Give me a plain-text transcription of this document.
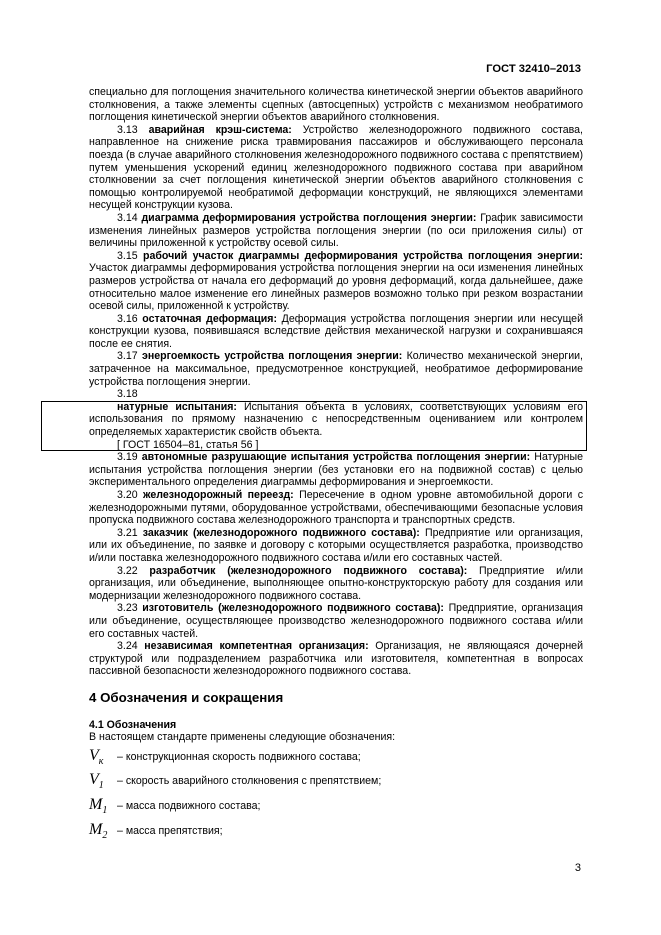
ГОСТ 32410–2013

специально для поглощения значительного количества кинетической энергии объектов аварийного столкновения, а также элементы сцепных (автосцепных) устройств с механизмом необратимого поглощения кинетической энергии объектов аварийного столкновения.

3.13 аварийная крэш-система: Устройство железнодорожного подвижного состава, направленное на снижение риска травмирования пассажиров и обслуживающего персонала поезда (в случае аварийного столкновения железнодорожного подвижного состава с препятствием) путем уменьшения ускорений единиц железнодорожного подвижного состава при аварийном столкновении за счет поглощения кинетической энергии объектов аварийного столкновения с помощью контролируемой необратимой деформации конструкций, не являющихся элементами несущей конструкции кузова.

3.14 диаграмма деформирования устройства поглощения энергии: График зависимости изменения линейных размеров устройства поглощения энергии (по оси приложения силы) от величины приложенной к устройству осевой силы.

3.15 рабочий участок диаграммы деформирования устройства поглощения энергии: Участок диаграммы деформирования устройства поглощения энергии на оси изменения линейных размеров устройства от начала его деформаций до уровня деформаций, когда дальнейшее, даже относительно малое изменение его линейных размеров возможно только при резком возрастании осевой силы, приложенной к устройству.

3.16 остаточная деформация: Деформация устройства поглощения энергии или несущей конструкции кузова, появившаяся вследствие действия механической нагрузки и сохранившаяся после ее снятия.

3.17 энергоемкость устройства поглощения энергии: Количество механической энергии, затраченное на максимальное, предусмотренное конструкцией, необратимое деформирование устройства поглощения энергии.

3.18

натурные испытания: Испытания объекта в условиях, соответствующих условиям его использования по прямому назначению с непосредственным оцениванием или контролем определяемых характеристик свойств объекта.

[ ГОСТ 16504–81, статья 56 ]

3.19 автономные разрушающие испытания устройства поглощения энергии: Натурные испытания устройства поглощения энергии (без установки его на подвижной состав) с целью экспериментального определения диаграммы деформирования и энергоемкости.

3.20 железнодорожный переезд: Пересечение в одном уровне автомобильной дороги с железнодорожными путями, оборудованное устройствами, обеспечивающими безопасные условия пропуска подвижного состава железнодорожного транспорта и транспортных средств.

3.21 заказчик (железнодорожного подвижного состава): Предприятие или организация, или их объединение, по заявке и договору с которыми осуществляется разработка, производство и/или поставка железнодорожного подвижного состава и/или его составных частей.

3.22 разработчик (железнодорожного подвижного состава): Предприятие и/или организация, или объединение, выполняющее опытно-конструкторскую работу для создания или модернизации железнодорожного подвижного состава.

3.23 изготовитель (железнодорожного подвижного состава): Предприятие, организация или объединение, осуществляющее производство железнодорожного подвижного состава и/или его составных частей.

3.24 независимая компетентная организация: Организация, не являющаяся дочерней структурой или подразделением разработчика или изготовителя, компетентная в вопросах пассивной безопасности железнодорожного подвижного состава.

4 Обозначения и сокращения

4.1 Обозначения

В настоящем стандарте применены следующие обозначения:

$V_к$	– конструкционная скорость подвижного состава;
$V_1$	– скорость аварийного столкновения с препятствием;
$M_1$ – масса подвижного состава;
$M_2$ – масса препятствия;
3
